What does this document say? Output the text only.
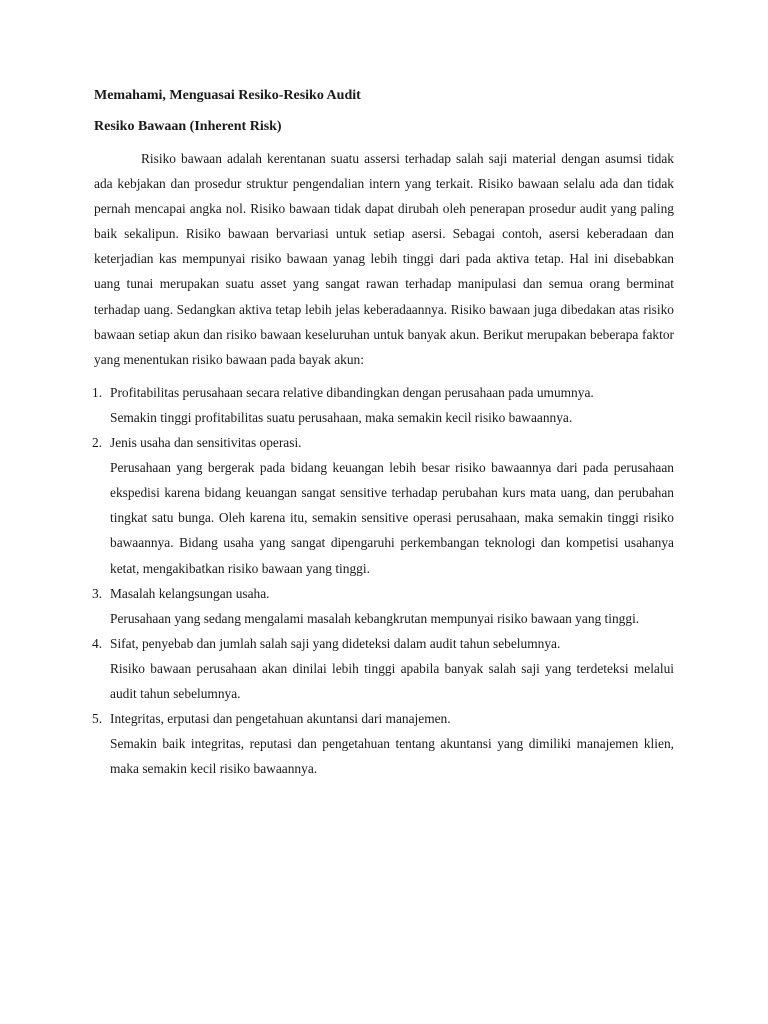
Memahami, Menguasai Resiko-Resiko Audit
Resiko Bawaan (Inherent Risk)

Risiko bawaan adalah kerentanan suatu assersi terhadap salah saji material dengan asumsi tidak ada kebjakan dan prosedur struktur pengendalian intern yang terkait. Risiko bawaan selalu ada dan tidak pernah mencapai angka nol. Risiko bawaan tidak dapat dirubah oleh penerapan prosedur audit yang paling baik sekalipun. Risiko bawaan bervariasi untuk setiap asersi. Sebagai contoh, asersi keberadaan dan keterjadian kas mempunyai risiko bawaan yanag lebih tinggi dari pada aktiva tetap. Hal ini disebabkan uang tunai merupakan suatu asset yang sangat rawan terhadap manipulasi dan semua orang berminat terhadap uang. Sedangkan aktiva tetap lebih jelas keberadaannya. Risiko bawaan juga dibedakan atas risiko bawaan setiap akun dan risiko bawaan keseluruhan untuk banyak akun. Berikut merupakan beberapa faktor yang menentukan risiko bawaan pada bayak akun:

1. Profitabilitas perusahaan secara relative dibandingkan dengan perusahaan pada umumnya.
Semakin tinggi profitabilitas suatu perusahaan, maka semakin kecil risiko bawaannya.
2. Jenis usaha dan sensitivitas operasi.
Perusahaan yang bergerak pada bidang keuangan lebih besar risiko bawaannya dari pada perusahaan ekspedisi karena bidang keuangan sangat sensitive terhadap perubahan kurs mata uang, dan perubahan tingkat satu bunga. Oleh karena itu, semakin sensitive operasi perusahaan, maka semakin tinggi risiko bawaannya. Bidang usaha yang sangat dipengaruhi perkembangan teknologi dan kompetisi usahanya ketat, mengakibatkan risiko bawaan yang tinggi.
3. Masalah kelangsungan usaha.
Perusahaan yang sedang mengalami masalah kebangkrutan mempunyai risiko bawaan yang tinggi.
4. Sifat, penyebab dan jumlah salah saji yang dideteksi dalam audit tahun sebelumnya.
Risiko bawaan perusahaan akan dinilai lebih tinggi apabila banyak salah saji yang terdeteksi melalui audit tahun sebelumnya.
5. Integritas, erputasi dan pengetahuan akuntansi dari manajemen.
Semakin baik integritas, reputasi dan pengetahuan tentang akuntansi yang dimiliki manajemen klien, maka semakin kecil risiko bawaannya.
